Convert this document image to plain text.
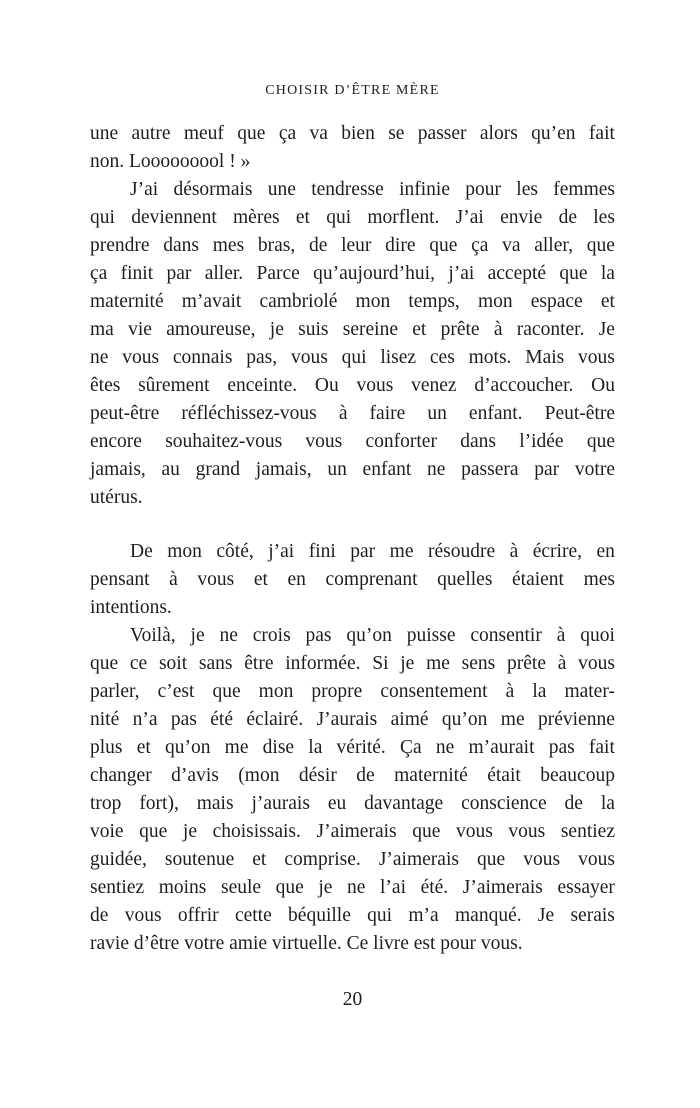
CHOISIR D’ÊTRE MÈRE
une autre meuf que ça va bien se passer alors qu’en fait
non. Looooooool ! »
J’ai désormais une tendresse infinie pour les femmes
qui deviennent mères et qui morflent. J’ai envie de les
prendre dans mes bras, de leur dire que ça va aller, que
ça finit par aller. Parce qu’aujourd’hui, j’ai accepté que la
maternité m’avait cambriolé mon temps, mon espace et
ma vie amoureuse, je suis sereine et prête à raconter. Je
ne vous connais pas, vous qui lisez ces mots. Mais vous
êtes sûrement enceinte. Ou vous venez d’accoucher. Ou
peut-être réfléchissez-vous à faire un enfant. Peut-être
encore souhaitez-vous vous conforter dans l’idée que
jamais, au grand jamais, un enfant ne passera par votre
utérus.
De mon côté, j’ai fini par me résoudre à écrire, en
pensant à vous et en comprenant quelles étaient mes
intentions.
Voilà, je ne crois pas qu’on puisse consentir à quoi
que ce soit sans être informée. Si je me sens prête à vous
parler, c’est que mon propre consentement à la mater-
nité n’a pas été éclairé. J’aurais aimé qu’on me prévienne
plus et qu’on me dise la vérité. Ça ne m’aurait pas fait
changer d’avis (mon désir de maternité était beaucoup
trop fort), mais j’aurais eu davantage conscience de la
voie que je choisissais. J’aimerais que vous vous sentiez
guidée, soutenue et comprise. J’aimerais que vous vous
sentiez moins seule que je ne l’ai été. J’aimerais essayer
de vous offrir cette béquille qui m’a manqué. Je serais
ravie d’être votre amie virtuelle. Ce livre est pour vous.
20
